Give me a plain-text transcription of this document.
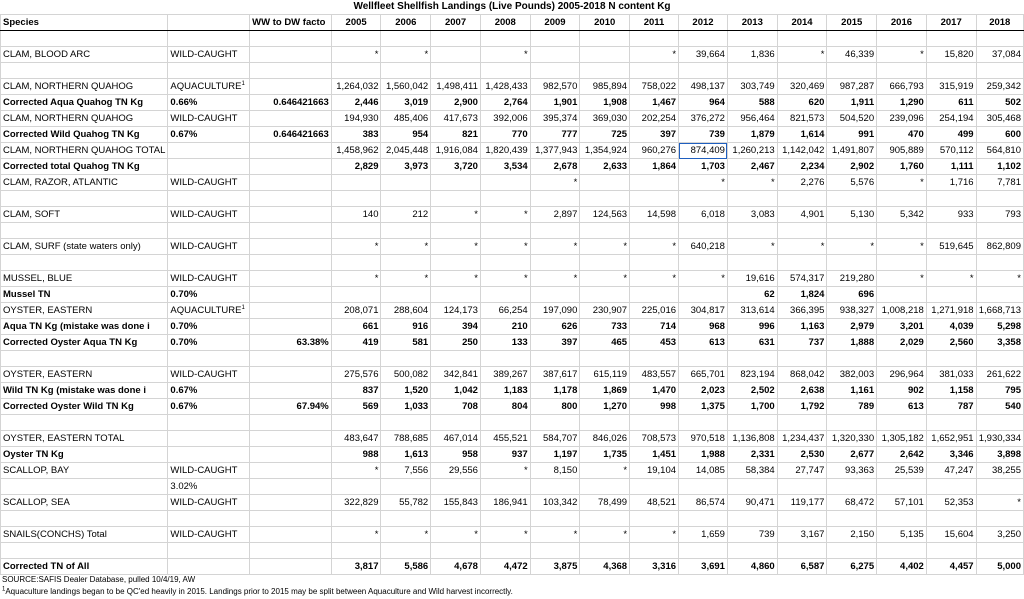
Wellfleet Shellfish Landings (Live Pounds) 2005-2018 N content Kg
Species		WW to DW facto	2005	2006	2007	2008	2009	2010	2011	2012	2013	2014	2015	2016	2017	2018

CLAM, BLOOD ARC	WILD-CAUGHT		*	*		*			*	39,664	1,836	*	46,339	*	15,820	37,084

CLAM, NORTHERN QUAHOG	AQUACULTURE$^1$		1,264,032	1,560,042	1,498,411	1,428,433	982,570	985,894	758,022	498,137	303,749	320,469	987,287	666,793	315,919	259,342
Corrected Aqua Quahog TN Kg	0.66%	0.646421663	2,446	3,019	2,900	2,764	1,901	1,908	1,467	964	588	620	1,911	1,290	611	502
CLAM, NORTHERN QUAHOG	WILD-CAUGHT		194,930	485,406	417,673	392,006	395,374	369,030	202,254	376,272	956,464	821,573	504,520	239,096	254,194	305,468
Corrected Wild Quahog TN Kg	0.67%	0.646421663	383	954	821	770	777	725	397	739	1,879	1,614	991	470	499	600
CLAM, NORTHERN QUAHOG TOTAL			1,458,962	2,045,448	1,916,084	1,820,439	1,377,943	1,354,924	960,276	874,409	1,260,213	1,142,042	1,491,807	905,889	570,112	564,810
Corrected total Quahog TN Kg			2,829	3,973	3,720	3,534	2,678	2,633	1,864	1,703	2,467	2,234	2,902	1,760	1,111	1,102
CLAM, RAZOR, ATLANTIC	WILD-CAUGHT						*			*	*	2,276	5,576	*	1,716	7,781

CLAM, SOFT	WILD-CAUGHT		140	212	*	*	2,897	124,563	14,598	6,018	3,083	4,901	5,130	5,342	933	793

CLAM, SURF (state waters only)	WILD-CAUGHT		*	*	*	*	*	*	*	640,218	*	*	*	*	519,645	862,809

MUSSEL, BLUE	WILD-CAUGHT		*	*	*	*	*	*	*	*	19,616	574,317	219,280	*	*	*
Mussel TN	0.70%										62	1,824	696			
OYSTER, EASTERN	AQUACULTURE$^1$		208,071	288,604	124,173	66,254	197,090	230,907	225,016	304,817	313,614	366,395	938,327	1,008,218	1,271,918	1,668,713
Aqua TN Kg (mistake was done i	0.70%		661	916	394	210	626	733	714	968	996	1,163	2,979	3,201	4,039	5,298
Corrected Oyster Aqua TN Kg	0.70%	63.38%	419	581	250	133	397	465	453	613	631	737	1,888	2,029	2,560	3,358

OYSTER, EASTERN	WILD-CAUGHT		275,576	500,082	342,841	389,267	387,617	615,119	483,557	665,701	823,194	868,042	382,003	296,964	381,033	261,622
Wild TN Kg (mistake was done i	0.67%		837	1,520	1,042	1,183	1,178	1,869	1,470	2,023	2,502	2,638	1,161	902	1,158	795
Corrected Oyster Wild TN Kg	0.67%	67.94%	569	1,033	708	804	800	1,270	998	1,375	1,700	1,792	789	613	787	540

OYSTER, EASTERN TOTAL			483,647	788,685	467,014	455,521	584,707	846,026	708,573	970,518	1,136,808	1,234,437	1,320,330	1,305,182	1,652,951	1,930,334
Oyster TN Kg			988	1,613	958	937	1,197	1,735	1,451	1,988	2,331	2,530	2,677	2,642	3,346	3,898
SCALLOP, BAY	WILD-CAUGHT		*	7,556	29,556	*	8,150	*	19,104	14,085	58,384	27,747	93,363	25,539	47,247	38,255
	3.02%															
SCALLOP, SEA	WILD-CAUGHT		322,829	55,782	155,843	186,941	103,342	78,499	48,521	86,574	90,471	119,177	68,472	57,101	52,353	*

SNAILS(CONCHS) Total	WILD-CAUGHT		*	*	*	*	*	*	*	1,659	739	3,167	2,150	5,135	15,604	3,250

Corrected TN of All			3,817	5,586	4,678	4,472	3,875	4,368	3,316	3,691	4,860	6,587	6,275	4,402	4,457	5,000
SOURCE:SAFIS Dealer Database, pulled 10/4/19, AW
$^1$Aquaculture landings began to be QC'ed heavily in 2015. Landings prior to 2015 may be split between Aquaculture and Wild harvest incorrectly.
